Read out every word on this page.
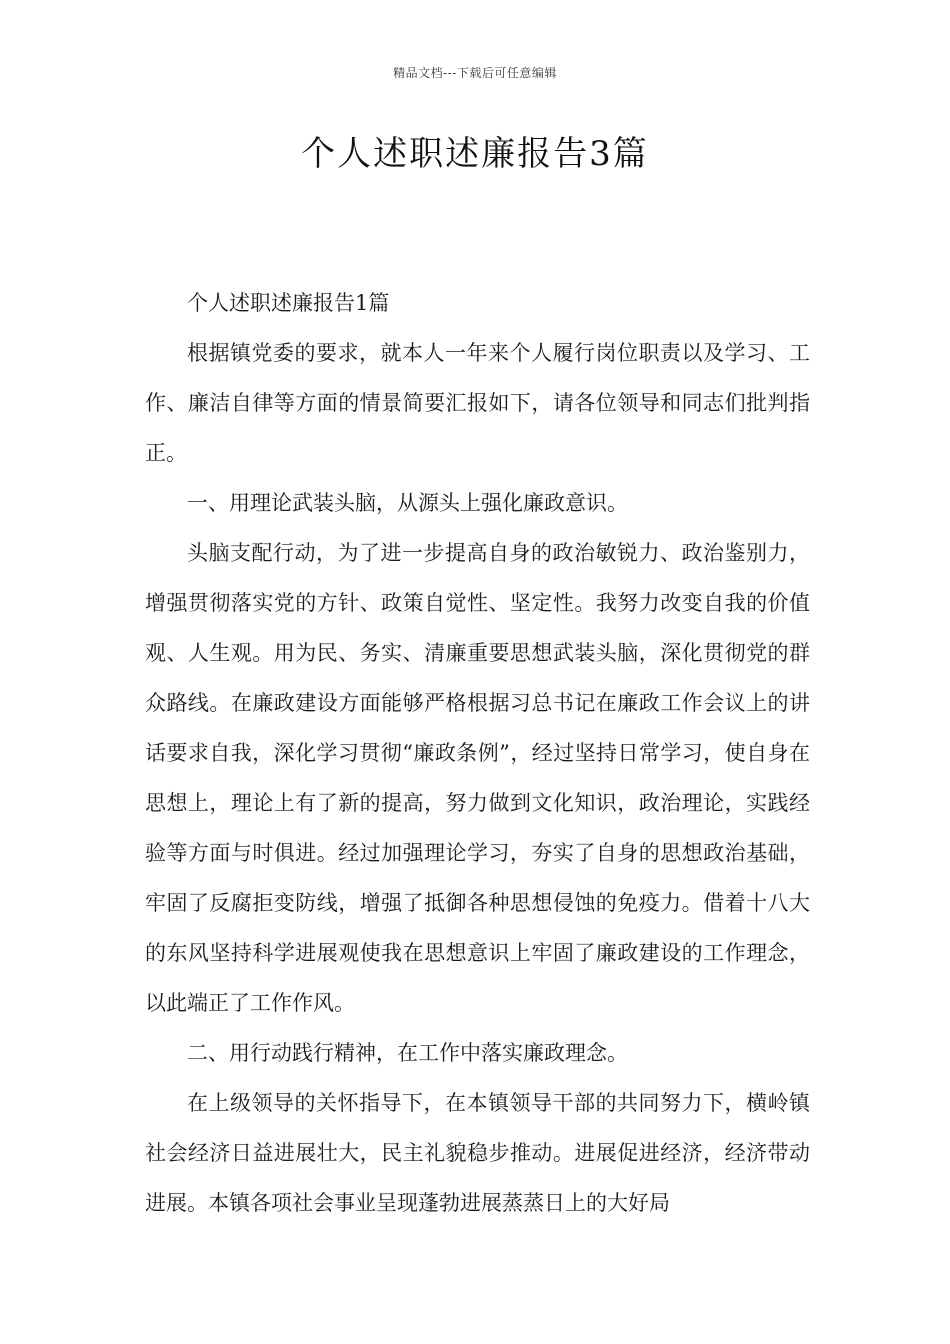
精品文档---下载后可任意编辑
个人述职述廉报告3篇

个人述职述廉报告1篇

根据镇党委的要求，就本人一年来个人履行岗位职责以及学习、工作、廉洁自律等方面的情景简要汇报如下，请各位领导和同志们批判指正。

一、用理论武装头脑，从源头上强化廉政意识。

头脑支配行动，为了进一步提高自身的政治敏锐力、政治鉴别力，增强贯彻落实党的方针、政策自觉性、坚定性。我努力改变自我的价值观、人生观。用为民、务实、清廉重要思想武装头脑，深化贯彻党的群众路线。在廉政建设方面能够严格根据习总书记在廉政工作会议上的讲话要求自我，深化学习贯彻“廉政条例”，经过坚持日常学习，使自身在思想上，理论上有了新的提高，努力做到文化知识，政治理论，实践经验等方面与时俱进。经过加强理论学习，夯实了自身的思想政治基础，牢固了反腐拒变防线，增强了抵御各种思想侵蚀的免疫力。借着十八大的东风坚持科学进展观使我在思想意识上牢固了廉政建设的工作理念，以此端正了工作作风。

二、用行动践行精神，在工作中落实廉政理念。

在上级领导的关怀指导下，在本镇领导干部的共同努力下，横岭镇社会经济日益进展壮大，民主礼貌稳步推动。进展促进经济，经济带动进展。本镇各项社会事业呈现蓬勃进展蒸蒸日上的大好局
